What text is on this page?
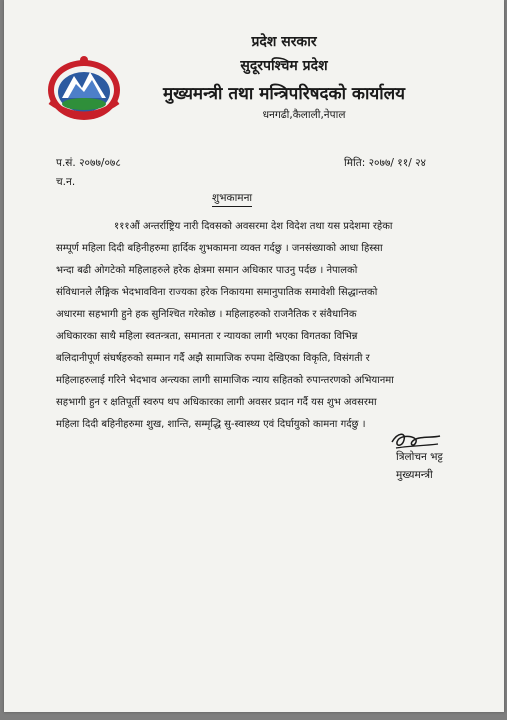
प्रदेश सरकार

सुदूरपश्चिम प्रदेश

मुख्यमन्त्री तथा मन्त्रिपरिषदको कार्यालय

धनगढी,कैलाली,नेपाल

प.सं. २०७७/०७८

च.न.

मिति: २०७७/ ११/ २४

शुभकामना

१११औं अन्तर्राष्ट्रिय नारी दिवसको अवसरमा देश विदेश तथा यस प्रदेशमा रहेका
सम्पूर्ण महिला दिदी बहिनीहरुमा हार्दिक शुभकामना व्यक्त गर्दछु । जनसंख्याको आधा हिस्सा
भन्दा बढी ओगटेको महिलाहरुले हरेक क्षेत्रमा समान अधिकार पाउनु पर्दछ । नेपालको
संविधानले लैङ्गिक भेदभावविना राज्यका हरेक निकायमा समानुपातिक समावेशी सिद्धान्तको
अधारमा सहभागी हुने हक सुनिश्चित गरेकोछ । महिलाहरुको राजनैतिक र संवैधानिक
अधिकारका साथै महिला स्वतन्त्रता, समानता र न्यायका लागी भएका विगतका विभिन्न
बलिदानीपूर्ण संघर्षहरुको सम्मान गर्दै अझै सामाजिक रुपमा देखिएका विकृति, विसंगती र
महिलाहरुलाई गरिने भेदभाव अन्त्यका लागी सामाजिक न्याय सहितको रुपान्तरणको अभियानमा
सहभागी हुन र क्षतिपूर्ती स्वरुप थप अधिकारका लागी अवसर प्रदान गर्दै यस शुभ अवसरमा
महिला दिदी बहिनीहरुमा शुख, शान्ति, सम्मृद्धि सु-स्वास्थ्य एवं दिर्घायुको कामना गर्दछु ।

त्रिलोचन भट्ट

मुख्यमन्त्री
